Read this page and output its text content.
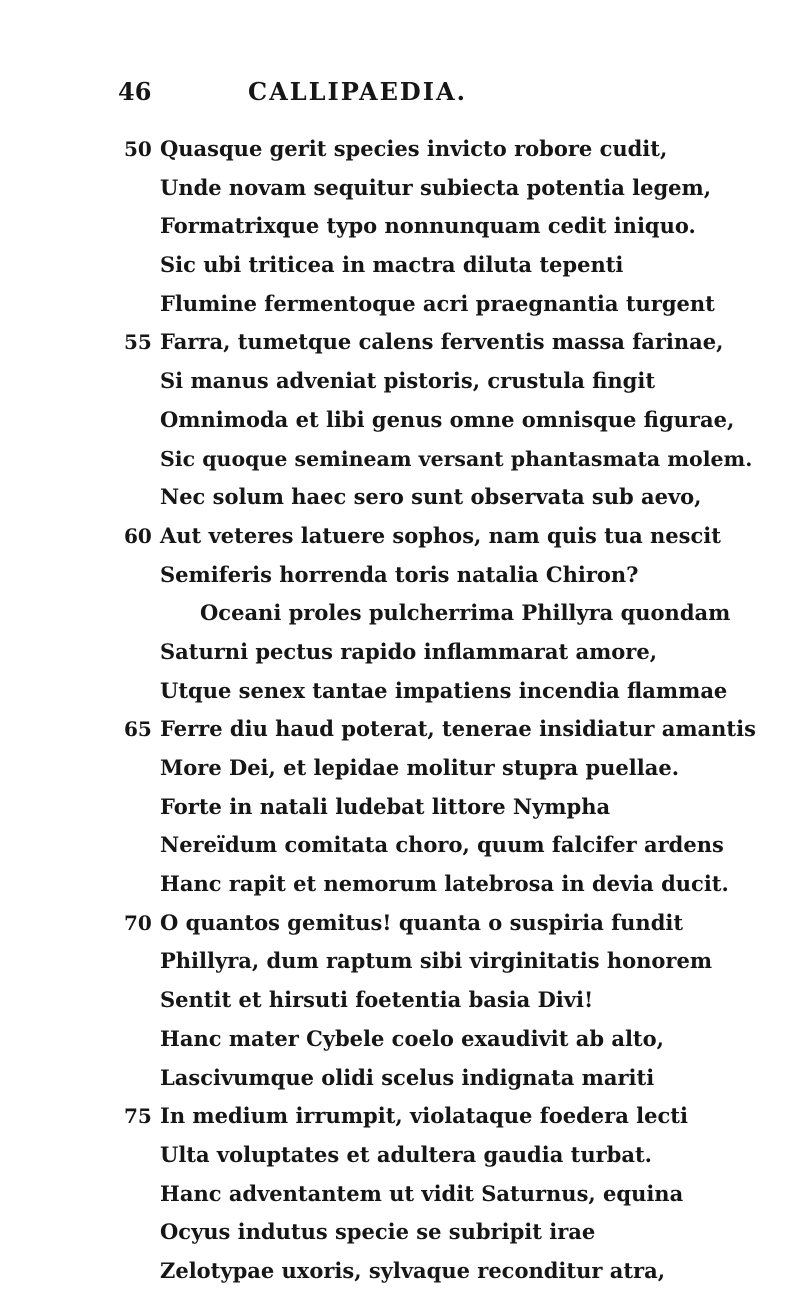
46	CALLIPAEDIA.
50 Quasque gerit species invicto robore cudit,
Unde novam sequitur subiecta potentia legem,
Formatrixque typo nonnunquam cedit iniquo.
Sic ubi triticea in mactra diluta tepenti
Flumine fermentoque acri praegnantia turgent
55 Farra, tumetque calens ferventis massa farinae,
Si manus adveniat pistoris, crustula fingit
Omnimoda et libi genus omne omnisque figurae,
Sic quoque semineam versant phantasmata molem.
Nec solum haec sero sunt observata sub aevo,
60 Aut veteres latuere sophos, nam quis tua nescit
Semiferis horrenda toris natalia Chiron?
Oceani proles pulcherrima Phillyra quondam
Saturni pectus rapido inflammarat amore,
Utque senex tantae impatiens incendia flammae
65 Ferre diu haud poterat, tenerae insidiatur amantis
More Dei, et lepidae molitur stupra puellae.
Forte in natali ludebat littore Nympha
Nereïdum comitata choro, quum falcifer ardens
Hanc rapit et nemorum latebrosa in devia ducit.
70 O quantos gemitus! quanta o suspiria fundit
Phillyra, dum raptum sibi virginitatis honorem
Sentit et hirsuti foetentia basia Divi!
Hanc mater Cybele coelo exaudivit ab alto,
Lascivumque olidi scelus indignata mariti
75 In medium irrumpit, violataque foedera lecti
Ulta voluptates et adultera gaudia turbat.
Hanc adventantem ut vidit Saturnus, equina
Ocyus indutus specie se subripit irae
Zelotypae uxoris, sylvaque reconditur atra,
